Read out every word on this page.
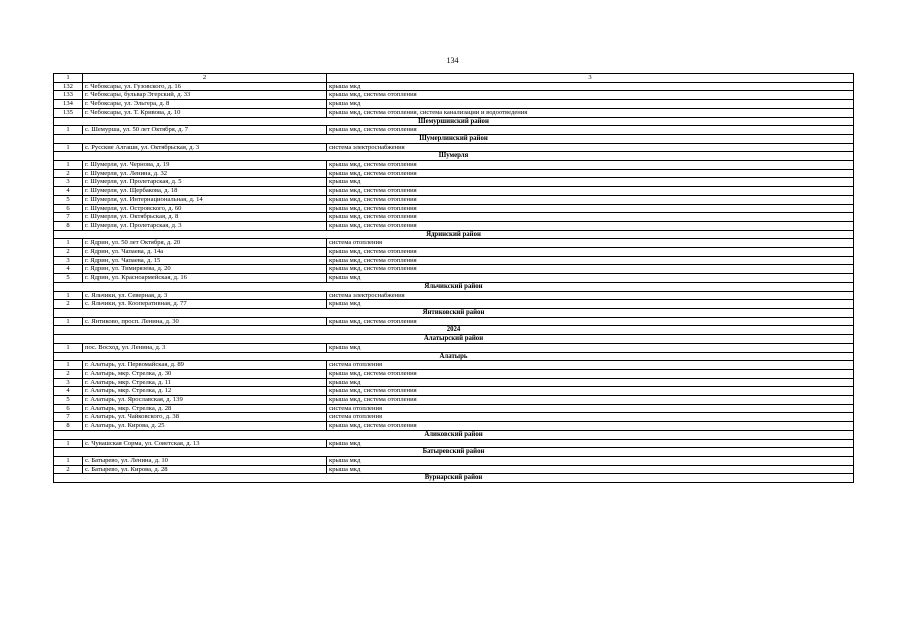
134
1	2	3
132	г. Чебоксары, ул. Гузовского, д. 16	крыша мкд
133	г. Чебоксары, бульвар Эгерский, д. 33	крыша мкд, система отопления
134	г. Чебоксары, ул. Эльгера, д. 8	крыша мкд
135	г. Чебоксары, ул. Т. Кривова, д. 10	крыша мкд, система отопления, система канализации и водоотведения
Шемуршинский район		
1	с. Шемурша, ул. 50 лет Октября, д. 7	крыша мкд, система отопления
Шумерлинский район		
1	с. Русские Алгаши, ул. Октябрьская, д. 3	система электроснабжения
Шумерля		
1	г. Шумерля, ул. Чернова, д. 19	крыша мкд, система отопления
2	г. Шумерля, ул. Ленина, д. 32	крыша мкд, система отопления
3	г. Шумерля, ул. Пролетарская, д. 5	крыша мкд
4	г. Шумерля, ул. Щербакова, д. 18	крыша мкд, система отопления
5	г. Шумерля, ул. Интернациональная, д. 14	крыша мкд, система отопления
6	г. Шумерля, ул. Островского, д. 60	крыша мкд, система отопления
7	г. Шумерля, ул. Октябрьская, д. 8	крыша мкд, система отопления
8	г. Шумерля, ул. Пролетарская, д. 3	крыша мкд, система отопления
Ядринский район		
1	г. Ядрин, ул. 50 лет Октября, д. 20	система отопления
2	г. Ядрин, ул. Чапаева, д. 14а	крыша мкд, система отопления
3	г. Ядрин, ул. Чапаева, д. 15	крыша мкд, система отопления
4	г. Ядрин, ул. Тимирязева, д. 20	крыша мкд, система отопления
5	г. Ядрин, ул. Красноармейская, д. 16	крыша мкд
Яльчикский район		
1	с. Яльчики, ул. Северная, д. 3	система электроснабжения
2	с. Яльчики, ул. Кооперативная, д. 77	крыша мкд
Янтиковский район		
1	с. Янтиково, просп. Ленина, д. 30	крыша мкд, система отопления
2024		
Алатырский район		
1	пос. Восход, ул. Ленина, д. 3	крыша мкд
Алатырь		
1	г. Алатырь, ул. Первомайская, д. 89	система отопления
2	г. Алатырь, мкр. Стрелка, д. 30	крыша мкд, система отопления
3	г. Алатырь, мкр. Стрелка, д. 11	крыша мкд
4	г. Алатырь, мкр. Стрелка, д. 12	крыша мкд, система отопления
5	г. Алатырь, ул. Ярославская, д. 139	крыша мкд, система отопления
6	г. Алатырь, мкр. Стрелка, д. 28	система отопления
7	г. Алатырь, ул. Чайковского, д. 38	система отопления
8	г. Алатырь, ул. Кирова, д. 25	крыша мкд, система отопления
Аликовский район		
1	с. Чувашская Сорма, ул. Советская, д. 13	крыша мкд
Батыревский район		
1	с. Батырево, ул. Ленина, д. 10	крыша мкд
2	с. Батырево, ул. Кирова, д. 28	крыша мкд
Вурнарский район		
